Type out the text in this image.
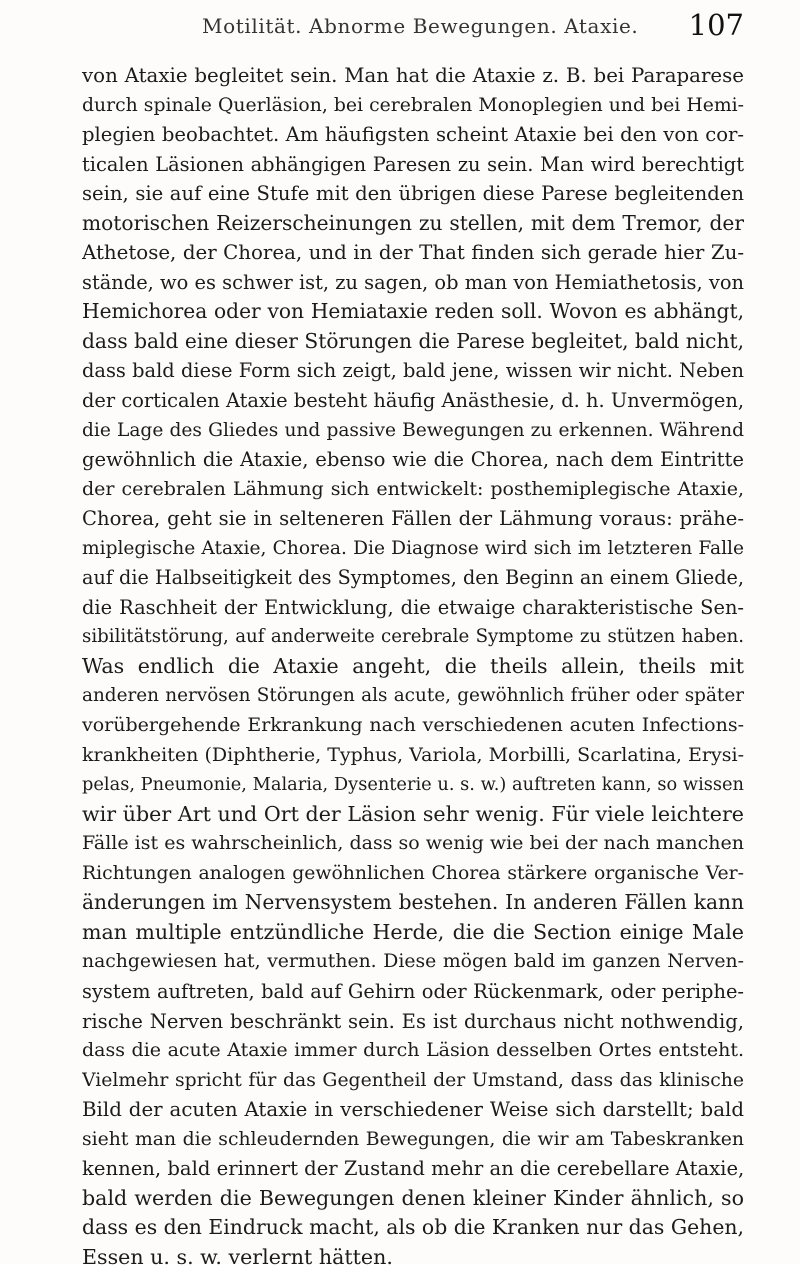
Motilität. Abnorme Bewegungen. Ataxie. 107
von Ataxie begleitet sein. Man hat die Ataxie z. B. bei Paraparese
durch spinale Querläsion, bei cerebralen Monoplegien und bei Hemi-
plegien beobachtet. Am häufigsten scheint Ataxie bei den von cor-
ticalen Läsionen abhängigen Paresen zu sein. Man wird berechtigt
sein, sie auf eine Stufe mit den übrigen diese Parese begleitenden
motorischen Reizerscheinungen zu stellen, mit dem Tremor, der
Athetose, der Chorea, und in der That finden sich gerade hier Zu-
stände, wo es schwer ist, zu sagen, ob man von Hemiathetosis, von
Hemichorea oder von Hemiataxie reden soll. Wovon es abhängt,
dass bald eine dieser Störungen die Parese begleitet, bald nicht,
dass bald diese Form sich zeigt, bald jene, wissen wir nicht. Neben
der corticalen Ataxie besteht häufig Anästhesie, d. h. Unvermögen,
die Lage des Gliedes und passive Bewegungen zu erkennen. Während
gewöhnlich die Ataxie, ebenso wie die Chorea, nach dem Eintritte
der cerebralen Lähmung sich entwickelt: posthemiplegische Ataxie,
Chorea, geht sie in selteneren Fällen der Lähmung voraus: prähe-
miplegische Ataxie, Chorea. Die Diagnose wird sich im letzteren Falle
auf die Halbseitigkeit des Symptomes, den Beginn an einem Gliede,
die Raschheit der Entwicklung, die etwaige charakteristische Sen-
sibilitätstörung, auf anderweite cerebrale Symptome zu stützen haben.
Was endlich die Ataxie angeht, die theils allein, theils mit
anderen nervösen Störungen als acute, gewöhnlich früher oder später
vorübergehende Erkrankung nach verschiedenen acuten Infections-
krankheiten (Diphtherie, Typhus, Variola, Morbilli, Scarlatina, Erysi-
pelas, Pneumonie, Malaria, Dysenterie u. s. w.) auftreten kann, so wissen
wir über Art und Ort der Läsion sehr wenig. Für viele leichtere
Fälle ist es wahrscheinlich, dass so wenig wie bei der nach manchen
Richtungen analogen gewöhnlichen Chorea stärkere organische Ver-
änderungen im Nervensystem bestehen. In anderen Fällen kann
man multiple entzündliche Herde, die die Section einige Male
nachgewiesen hat, vermuthen. Diese mögen bald im ganzen Nerven-
system auftreten, bald auf Gehirn oder Rückenmark, oder periphe-
rische Nerven beschränkt sein. Es ist durchaus nicht nothwendig,
dass die acute Ataxie immer durch Läsion desselben Ortes entsteht.
Vielmehr spricht für das Gegentheil der Umstand, dass das klinische
Bild der acuten Ataxie in verschiedener Weise sich darstellt; bald
sieht man die schleudernden Bewegungen, die wir am Tabeskranken
kennen, bald erinnert der Zustand mehr an die cerebellare Ataxie,
bald werden die Bewegungen denen kleiner Kinder ähnlich, so
dass es den Eindruck macht, als ob die Kranken nur das Gehen,
Essen u. s. w. verlernt hätten.
